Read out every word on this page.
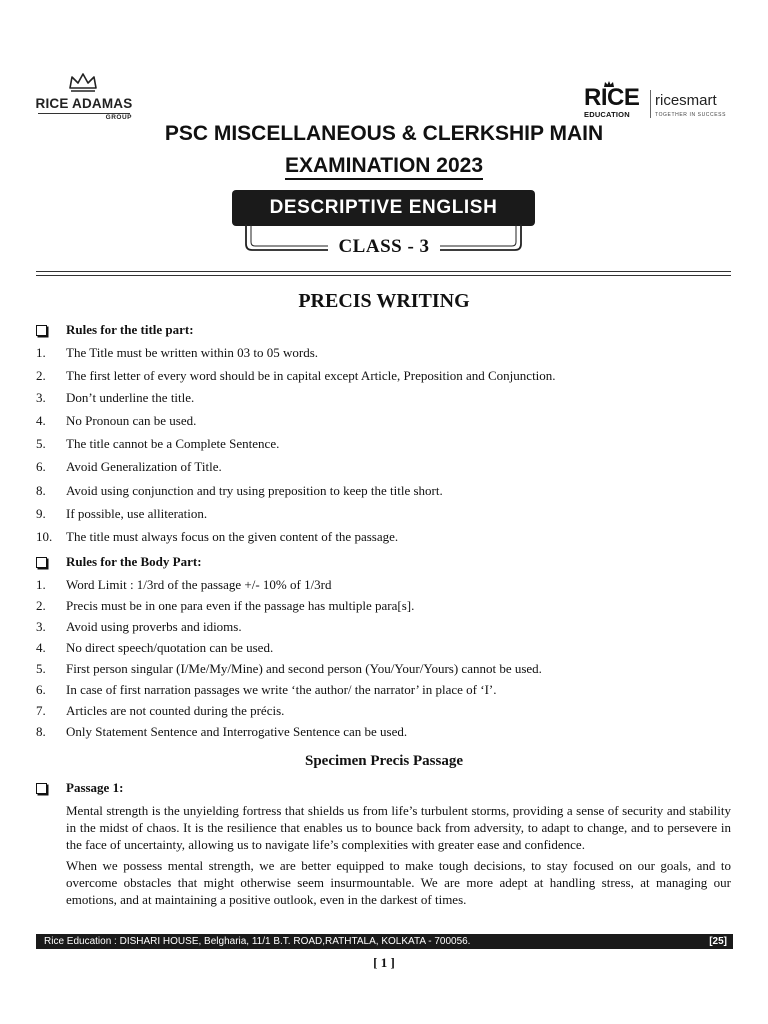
RICE ADAMAS
GROUP
RICE
EDUCATION
ricesmart
TOGETHER IN SUCCESS
PSC MISCELLANEOUS & CLERKSHIP MAIN
EXAMINATION 2023
DESCRIPTIVE ENGLISH
CLASS - 3
PRECIS WRITING
Rules for the title part:
1. The Title must be written within 03 to 05 words.
2. The first letter of every word should be in capital except Article, Preposition and Conjunction.
3. Don’t underline the title.
4. No Pronoun can be used.
5. The title cannot be a Complete Sentence.
6. Avoid Generalization of Title.
8. Avoid using conjunction and try using preposition to keep the title short.
9. If possible, use alliteration.
10. The title must always focus on the given content of the passage.
Rules for the Body Part:
1. Word Limit : 1/3rd of the passage +/- 10% of 1/3rd
2. Precis must be in one para even if the passage has multiple para[s].
3. Avoid using proverbs and idioms.
4. No direct speech/quotation can be used.
5. First person singular (I/Me/My/Mine) and second person (You/Your/Yours) cannot be used.
6. In case of first narration passages we write ‘the author/ the narrator’ in place of ‘I’.
7. Articles are not counted during the précis.
8. Only Statement Sentence and Interrogative Sentence can be used.
Specimen Precis Passage
Passage 1:
Mental strength is the unyielding fortress that shields us from life’s turbulent storms, providing a sense of security and stability in the midst of chaos. It is the resilience that enables us to bounce back from adversity, to adapt to change, and to persevere in the face of uncertainty, allowing us to navigate life’s complexities with greater ease and confidence.
When we possess mental strength, we are better equipped to make tough decisions, to stay focused on our goals, and to overcome obstacles that might otherwise seem insurmountable. We are more adept at handling stress, at managing our emotions, and at maintaining a positive outlook, even in the darkest of times.
Rice Education : DISHARI HOUSE, Belgharia, 11/1 B.T. ROAD,RATHTALA, KOLKATA - 700056.	[25]
[ 1 ]
